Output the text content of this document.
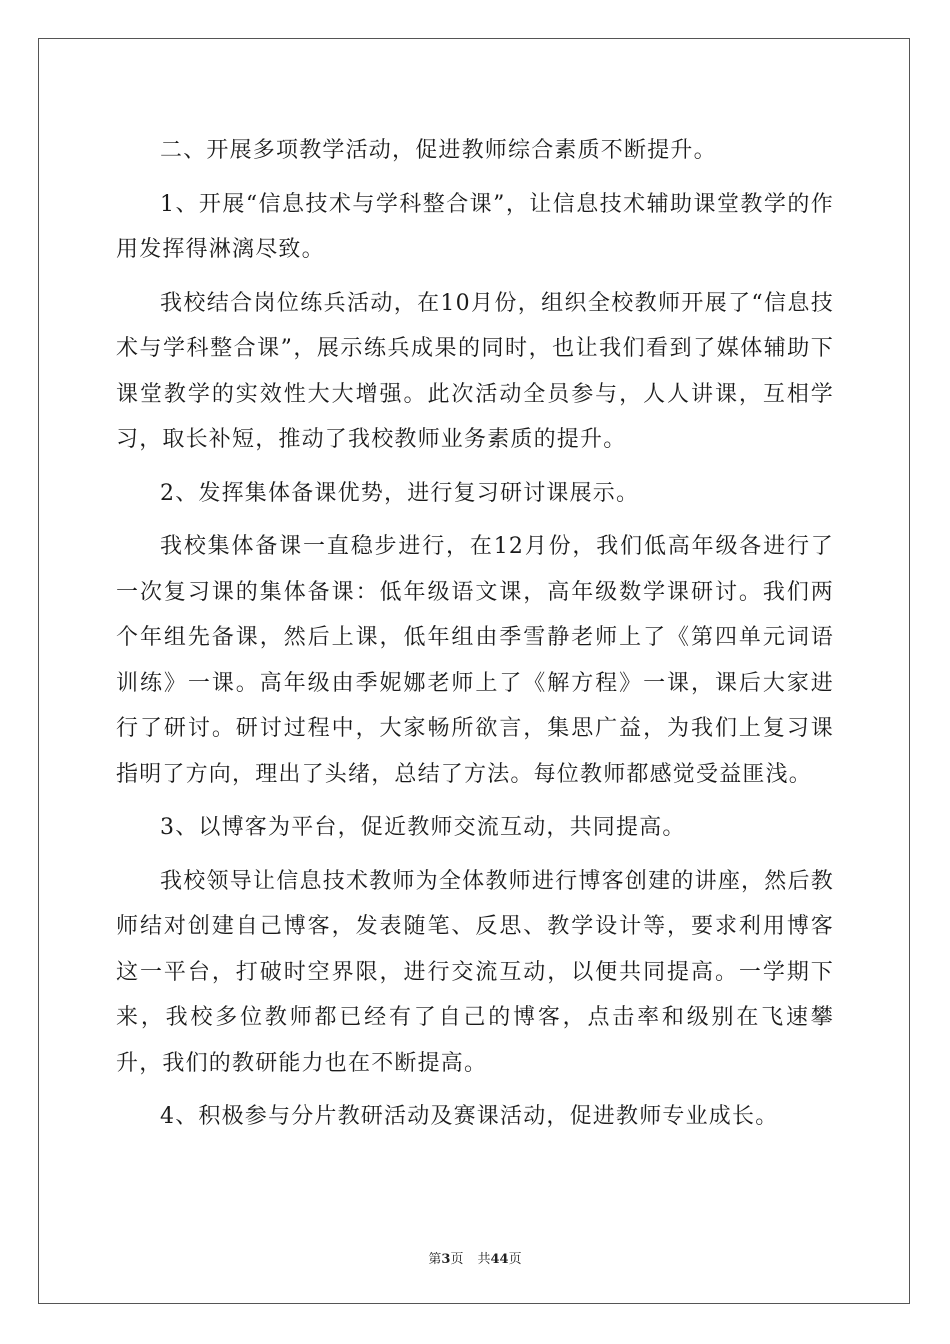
二、开展多项教学活动，促进教师综合素质不断提升。

1、开展“信息技术与学科整合课”，让信息技术辅助课堂教学的作用发挥得淋漓尽致。

我校结合岗位练兵活动，在10月份，组织全校教师开展了“信息技术与学科整合课”，展示练兵成果的同时，也让我们看到了媒体辅助下课堂教学的实效性大大增强。此次活动全员参与，人人讲课，互相学习，取长补短，推动了我校教师业务素质的提升。

2、发挥集体备课优势，进行复习研讨课展示。

我校集体备课一直稳步进行，在12月份，我们低高年级各进行了一次复习课的集体备课：低年级语文课，高年级数学课研讨。我们两个年组先备课，然后上课，低年组由季雪静老师上了《第四单元词语训练》一课。高年级由季妮娜老师上了《解方程》一课，课后大家进行了研讨。研讨过程中，大家畅所欲言，集思广益，为我们上复习课指明了方向，理出了头绪，总结了方法。每位教师都感觉受益匪浅。

3、以博客为平台，促近教师交流互动，共同提高。

我校领导让信息技术教师为全体教师进行博客创建的讲座，然后教师结对创建自己博客，发表随笔、反思、教学设计等，要求利用博客这一平台，打破时空界限，进行交流互动，以便共同提高。一学期下来，我校多位教师都已经有了自己的博客，点击率和级别在飞速攀升，我们的教研能力也在不断提高。

4、积极参与分片教研活动及赛课活动，促进教师专业成长。

第3页 共44页
